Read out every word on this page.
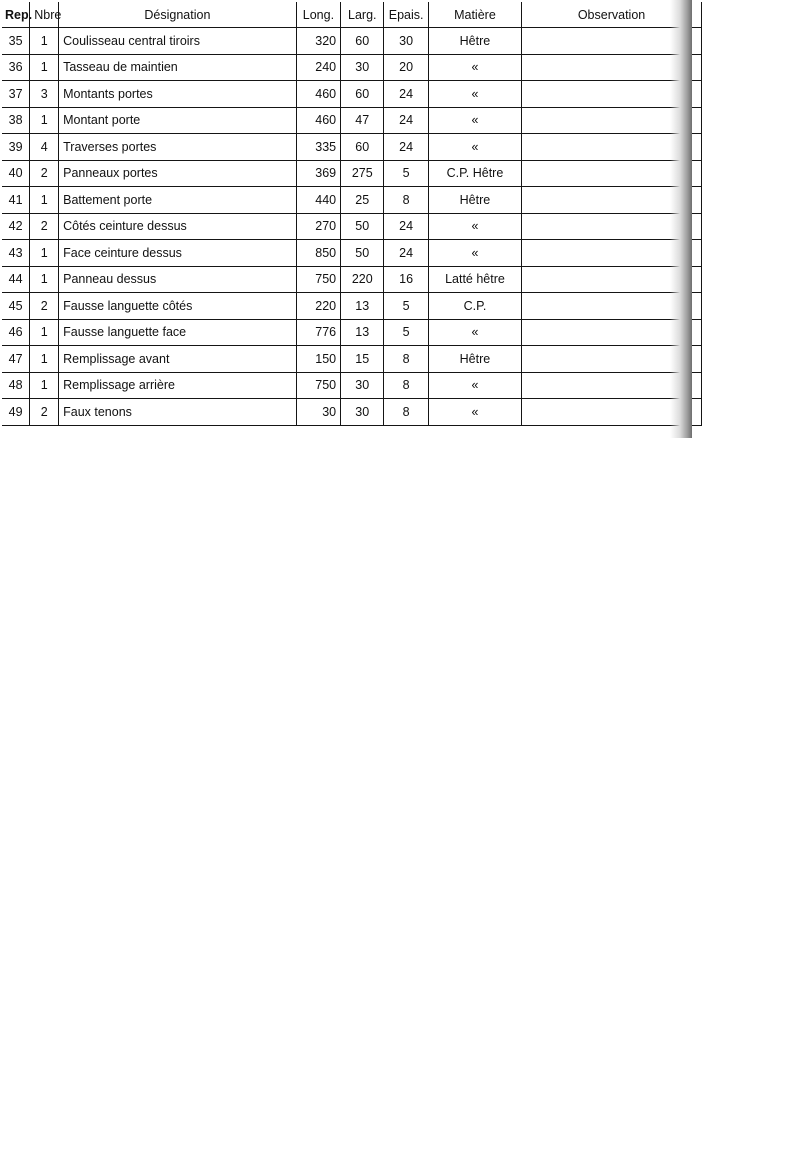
Rep.	Nbre	Désignation	Long.	Larg.	Epais.	Matière	Observation
35	1	Coulisseau central tiroirs	320	60	30	Hêtre	
36	1	Tasseau de maintien	240	30	20	«	
37	3	Montants portes	460	60	24	«	
38	1	Montant porte	460	47	24	«	
39	4	Traverses portes	335	60	24	«	
40	2	Panneaux portes	369	275	5	C.P. Hêtre	
41	1	Battement porte	440	25	8	Hêtre	
42	2	Côtés ceinture dessus	270	50	24	«	
43	1	Face ceinture dessus	850	50	24	«	
44	1	Panneau dessus	750	220	16	Latté hêtre	
45	2	Fausse languette côtés	220	13	5	C.P.	
46	1	Fausse languette face	776	13	5	«	
47	1	Remplissage avant	150	15	8	Hêtre	
48	1	Remplissage arrière	750	30	8	«	
49	2	Faux tenons	30	30	8	«	
